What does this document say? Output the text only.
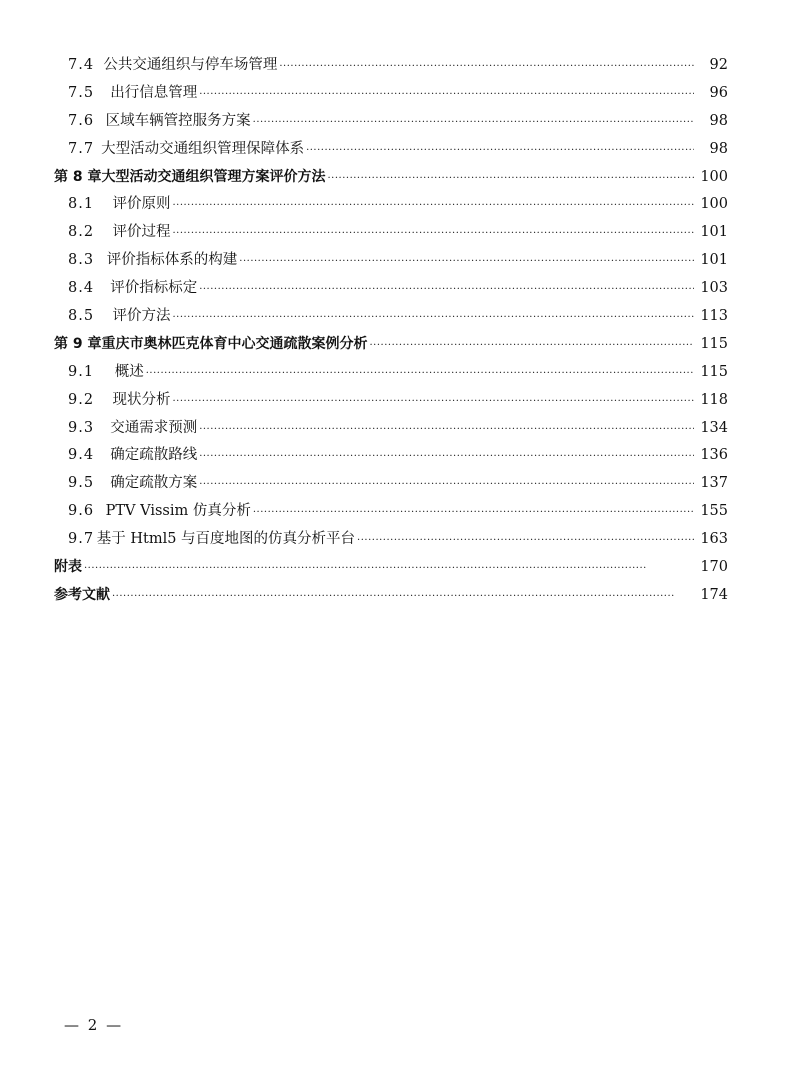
7.4 公共交通组织与停车场管理 ·····	92
7.5	出行信息管理 ·····	96
7.6 区域车辆管控服务方案 ·····	98
7.7 大型活动交通组织管理保障体系 ·····	98
第 8 章 大型活动交通组织管理方案评价方法 ·····	100
8.1	评价原则 ·····	100
8.2	评价过程 ·····	101
8.3 评价指标体系的构建 ·····	101
8.4	评价指标标定 ·····	103
8.5	评价方法 ·····	113
第 9 章 重庆市奥林匹克体育中心交通疏散案例分析 ·····	115
9.1	概述 ·····	115
9.2	现状分析 ·····	118
9.3	交通需求预测 ·····	134
9.4	确定疏散路线 ·····	136
9.5	确定疏散方案 ·····	137
9.6 PTV Vissim 仿真分析 ·····	155
9.7 基于 Html5 与百度地图的仿真分析平台 ·····	163
附表 ·····	170
参考文献 ·····	174
— 2 —
